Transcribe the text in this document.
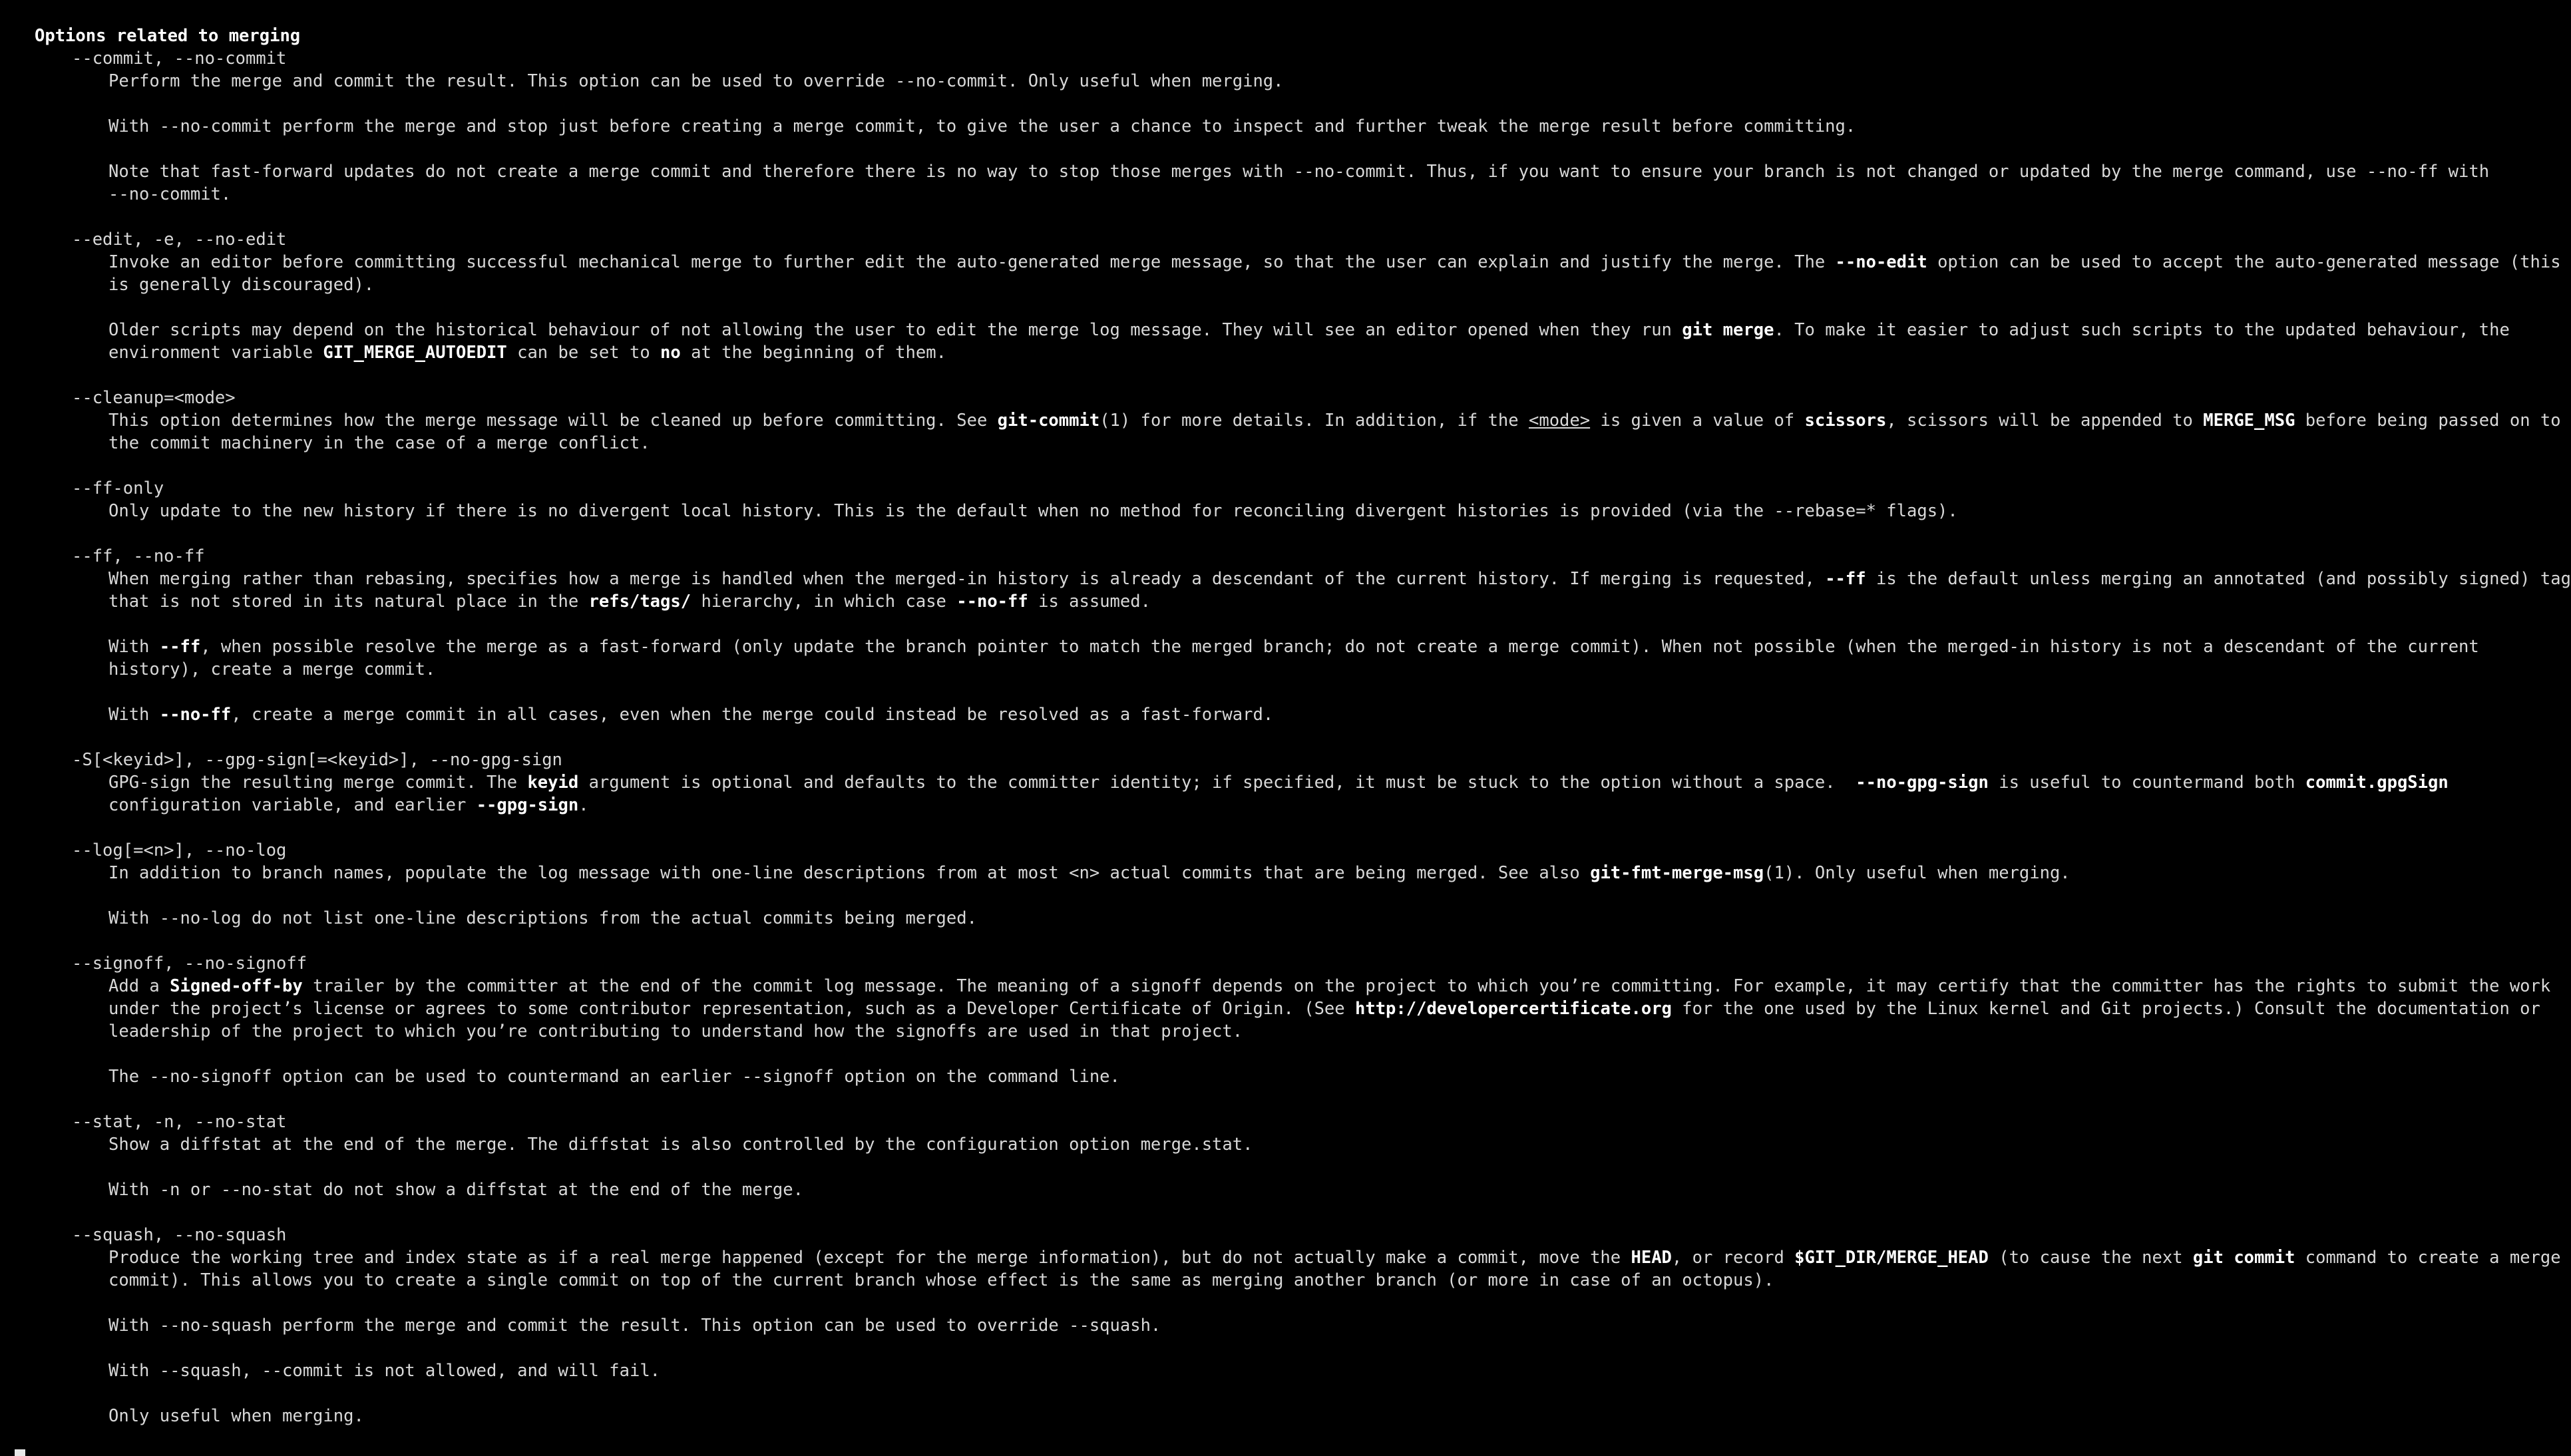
Options related to merging
--commit, --no-commit
Perform the merge and commit the result. This option can be used to override --no-commit. Only useful when merging.
With --no-commit perform the merge and stop just before creating a merge commit, to give the user a chance to inspect and further tweak the merge result before committing.
Note that fast-forward updates do not create a merge commit and therefore there is no way to stop those merges with --no-commit. Thus, if you want to ensure your branch is not changed or updated by the merge command, use --no-ff with
--no-commit.
--edit, -e, --no-edit
Invoke an editor before committing successful mechanical merge to further edit the auto-generated merge message, so that the user can explain and justify the merge. The --no-edit option can be used to accept the auto-generated message (this
is generally discouraged).
Older scripts may depend on the historical behaviour of not allowing the user to edit the merge log message. They will see an editor opened when they run git merge. To make it easier to adjust such scripts to the updated behaviour, the
environment variable GIT_MERGE_AUTOEDIT can be set to no at the beginning of them.
--cleanup=<mode>
This option determines how the merge message will be cleaned up before committing. See git-commit(1) for more details. In addition, if the <mode> is given a value of scissors, scissors will be appended to MERGE_MSG before being passed on to
the commit machinery in the case of a merge conflict.
--ff-only
Only update to the new history if there is no divergent local history. This is the default when no method for reconciling divergent histories is provided (via the --rebase=* flags).
--ff, --no-ff
When merging rather than rebasing, specifies how a merge is handled when the merged-in history is already a descendant of the current history. If merging is requested, --ff is the default unless merging an annotated (and possibly signed) tag
that is not stored in its natural place in the refs/tags/ hierarchy, in which case --no-ff is assumed.
With --ff, when possible resolve the merge as a fast-forward (only update the branch pointer to match the merged branch; do not create a merge commit). When not possible (when the merged-in history is not a descendant of the current
history), create a merge commit.
With --no-ff, create a merge commit in all cases, even when the merge could instead be resolved as a fast-forward.
-S[<keyid>], --gpg-sign[=<keyid>], --no-gpg-sign
GPG-sign the resulting merge commit. The keyid argument is optional and defaults to the committer identity; if specified, it must be stuck to the option without a space.  --no-gpg-sign is useful to countermand both commit.gpgSign
configuration variable, and earlier --gpg-sign.
--log[=<n>], --no-log
In addition to branch names, populate the log message with one-line descriptions from at most <n> actual commits that are being merged. See also git-fmt-merge-msg(1). Only useful when merging.
With --no-log do not list one-line descriptions from the actual commits being merged.
--signoff, --no-signoff
Add a Signed-off-by trailer by the committer at the end of the commit log message. The meaning of a signoff depends on the project to which you’re committing. For example, it may certify that the committer has the rights to submit the work
under the project’s license or agrees to some contributor representation, such as a Developer Certificate of Origin. (See http://developercertificate.org for the one used by the Linux kernel and Git projects.) Consult the documentation or
leadership of the project to which you’re contributing to understand how the signoffs are used in that project.
The --no-signoff option can be used to countermand an earlier --signoff option on the command line.
--stat, -n, --no-stat
Show a diffstat at the end of the merge. The diffstat is also controlled by the configuration option merge.stat.
With -n or --no-stat do not show a diffstat at the end of the merge.
--squash, --no-squash
Produce the working tree and index state as if a real merge happened (except for the merge information), but do not actually make a commit, move the HEAD, or record $GIT_DIR/MERGE_HEAD (to cause the next git commit command to create a merge
commit). This allows you to create a single commit on top of the current branch whose effect is the same as merging another branch (or more in case of an octopus).
With --no-squash perform the merge and commit the result. This option can be used to override --squash.
With --squash, --commit is not allowed, and will fail.
Only useful when merging.
